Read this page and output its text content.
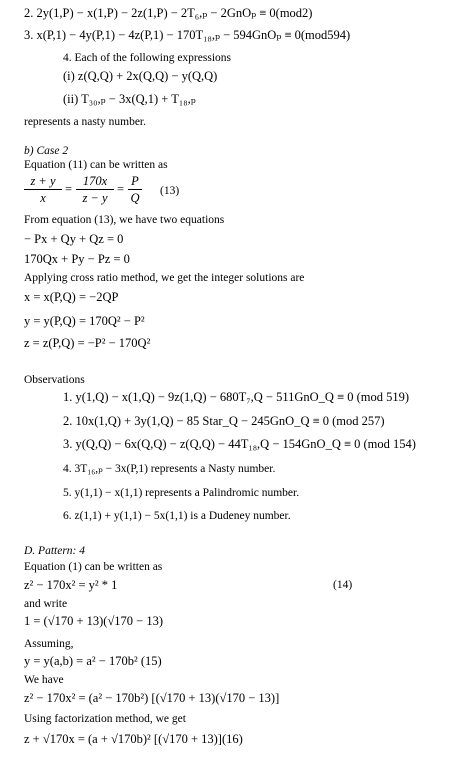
2. 2y(1,P) − x(1,P) − 2z(1,P) − 2T₆,ₚ − 2GnOₚ ≡ 0(mod2)
3. x(P,1) − 4y(P,1) − 4z(P,1) − 170T₁₈,ₚ − 594GnOₚ ≡ 0(mod594)
4. Each of the following expressions
(i) z(Q,Q) + 2x(Q,Q) − y(Q,Q)
(ii) T₃₀,ₚ − 3x(Q,1) + T₁₈,ₚ
represents a nasty number.
b) Case 2
Equation (11) can be written as
z + y
x
=
170x
z − y
=
P
Q (13)
From equation (13), we have two equations
− Px + Qy + Qz = 0
170Qx + Py − Pz = 0
Applying cross ratio method, we get the integer solutions are
x = x(P,Q) = −2QP
y = y(P,Q) = 170Q² − P²
z = z(P,Q) = −P² − 170Q²
Observations
1. y(1,Q) − x(1,Q) − 9z(1,Q) − 680T₇,Q − 511GnO_Q ≡ 0 (mod 519)
2. 10x(1,Q) + 3y(1,Q) − 85 Star_Q − 245GnO_Q ≡ 0 (mod 257)
3. y(Q,Q) − 6x(Q,Q) − z(Q,Q) − 44T₁₈,Q − 154GnO_Q ≡ 0 (mod 154)
4. 3T₁₆,ₚ − 3x(P,1) represents a Nasty number.
5. y(1,1) − x(1,1) represents a Palindromic number.
6. z(1,1) + y(1,1) − 5x(1,1) is a Dudeney number.
D. Pattern: 4
Equation (1) can be written as
z² − 170x² = y² * 1	(14)
and write
1 = (√170 + 13)(√170 − 13)
Assuming,
y = y(a,b) = a² − 170b² (15)
We have
z² − 170x² = (a² − 170b²) [(√170 + 13)(√170 − 13)]
Using factorization method, we get
z + √170x = (a + √170b)² [(√170 + 13)](16)
